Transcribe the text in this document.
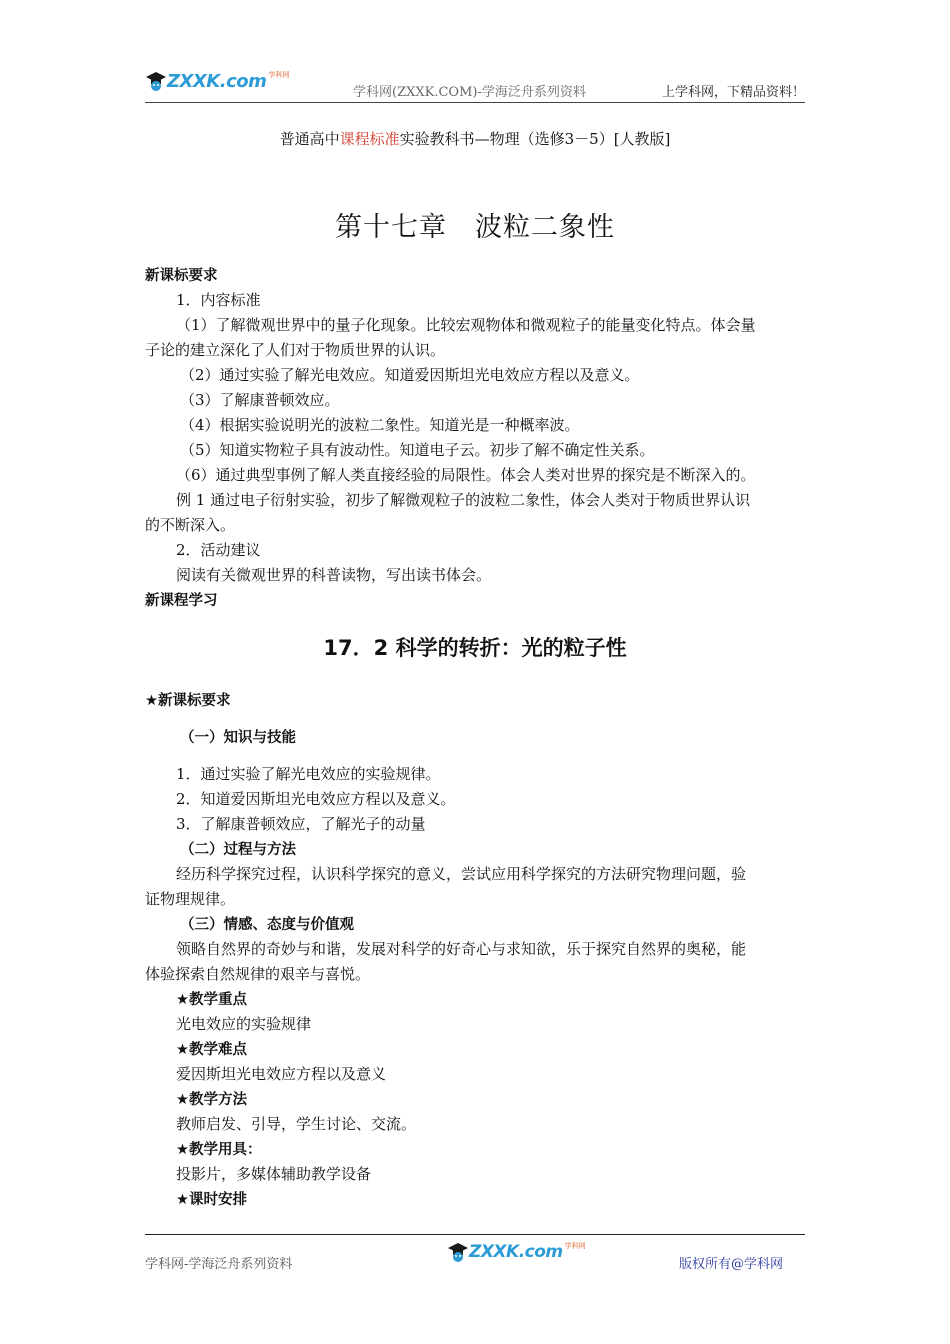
ZXXK.com 学科网
学科网(ZXXK.COM)-学海泛舟系列资料	上学科网，下精品资料！
普通高中课程标准实验教科书—物理（选修3－5）[人教版]
第十七章　波粒二象性
新课标要求
1．内容标准
（1）了解微观世界中的量子化现象。比较宏观物体和微观粒子的能量变化特点。体会量
子论的建立深化了人们对于物质世界的认识。
（2）通过实验了解光电效应。知道爱因斯坦光电效应方程以及意义。
（3）了解康普顿效应。
（4）根据实验说明光的波粒二象性。知道光是一种概率波。
（5）知道实物粒子具有波动性。知道电子云。初步了解不确定性关系。
（6）通过典型事例了解人类直接经验的局限性。体会人类对世界的探究是不断深入的。
例 1 通过电子衍射实验，初步了解微观粒子的波粒二象性，体会人类对于物质世界认识
的不断深入。
2．活动建议
阅读有关微观世界的科普读物，写出读书体会。
新课程学习
17．2 科学的转折：光的粒子性
★新课标要求
（一）知识与技能
1．通过实验了解光电效应的实验规律。
2．知道爱因斯坦光电效应方程以及意义。
3．了解康普顿效应，了解光子的动量
（二）过程与方法
经历科学探究过程，认识科学探究的意义，尝试应用科学探究的方法研究物理问题，验
证物理规律。
（三）情感、态度与价值观
领略自然界的奇妙与和谐，发展对科学的好奇心与求知欲，乐于探究自然界的奥秘，能
体验探索自然规律的艰辛与喜悦。
★教学重点
光电效应的实验规律
★教学难点
爱因斯坦光电效应方程以及意义
★教学方法
教师启发、引导，学生讨论、交流。
★教学用具：
投影片，多媒体辅助教学设备
★课时安排
学科网-学海泛舟系列资料
ZXXK.com 学科网
版权所有@学科网
